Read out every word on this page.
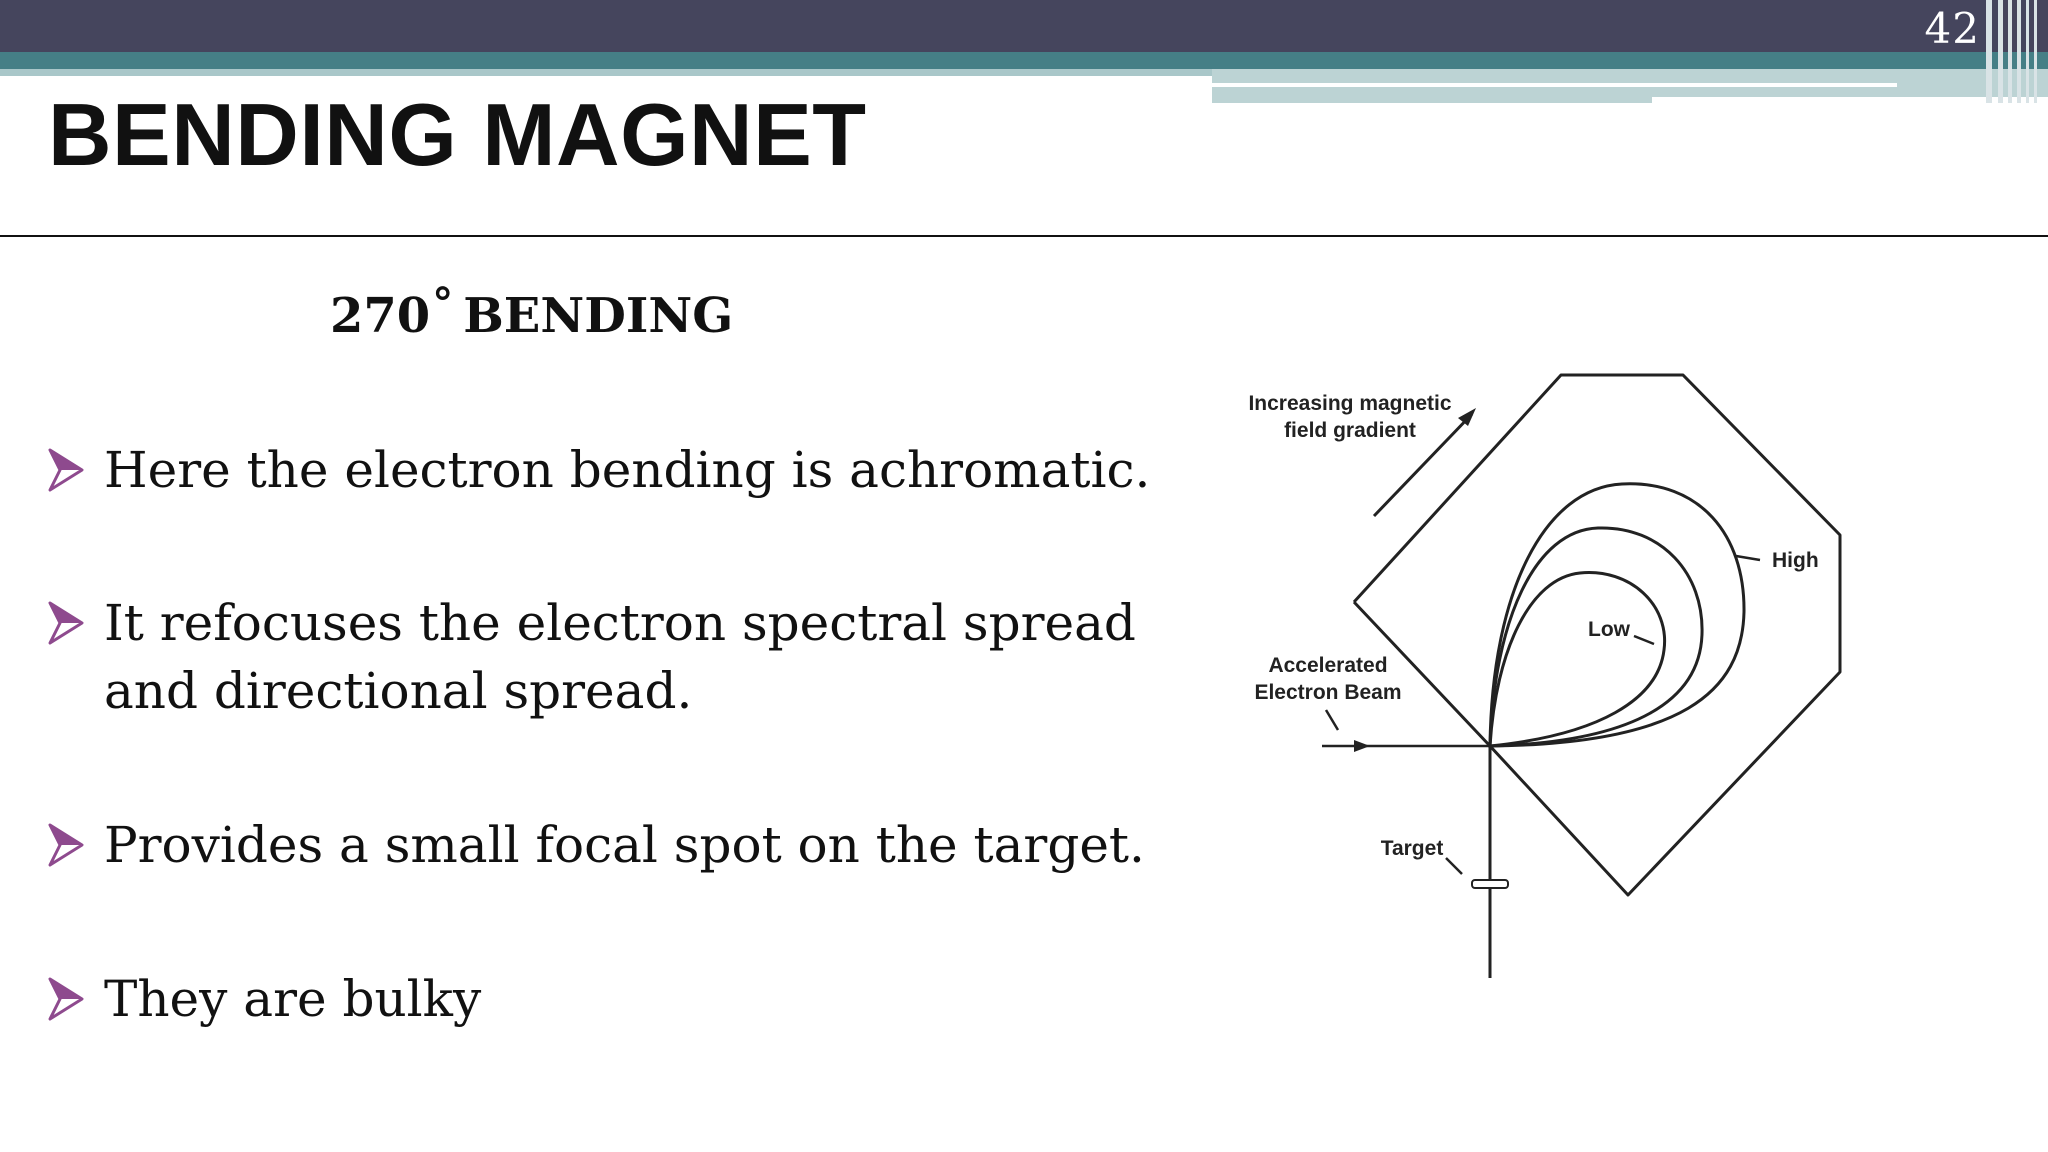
42
BENDING MAGNET
270° BENDING
Here the electron bending is achromatic.
It refocuses the electron spectral spread and directional spread.
Provides a small focal spot on the target.
They are bulky
Increasing magnetic
field gradient
High
Low
Accelerated
Electron Beam
Target
